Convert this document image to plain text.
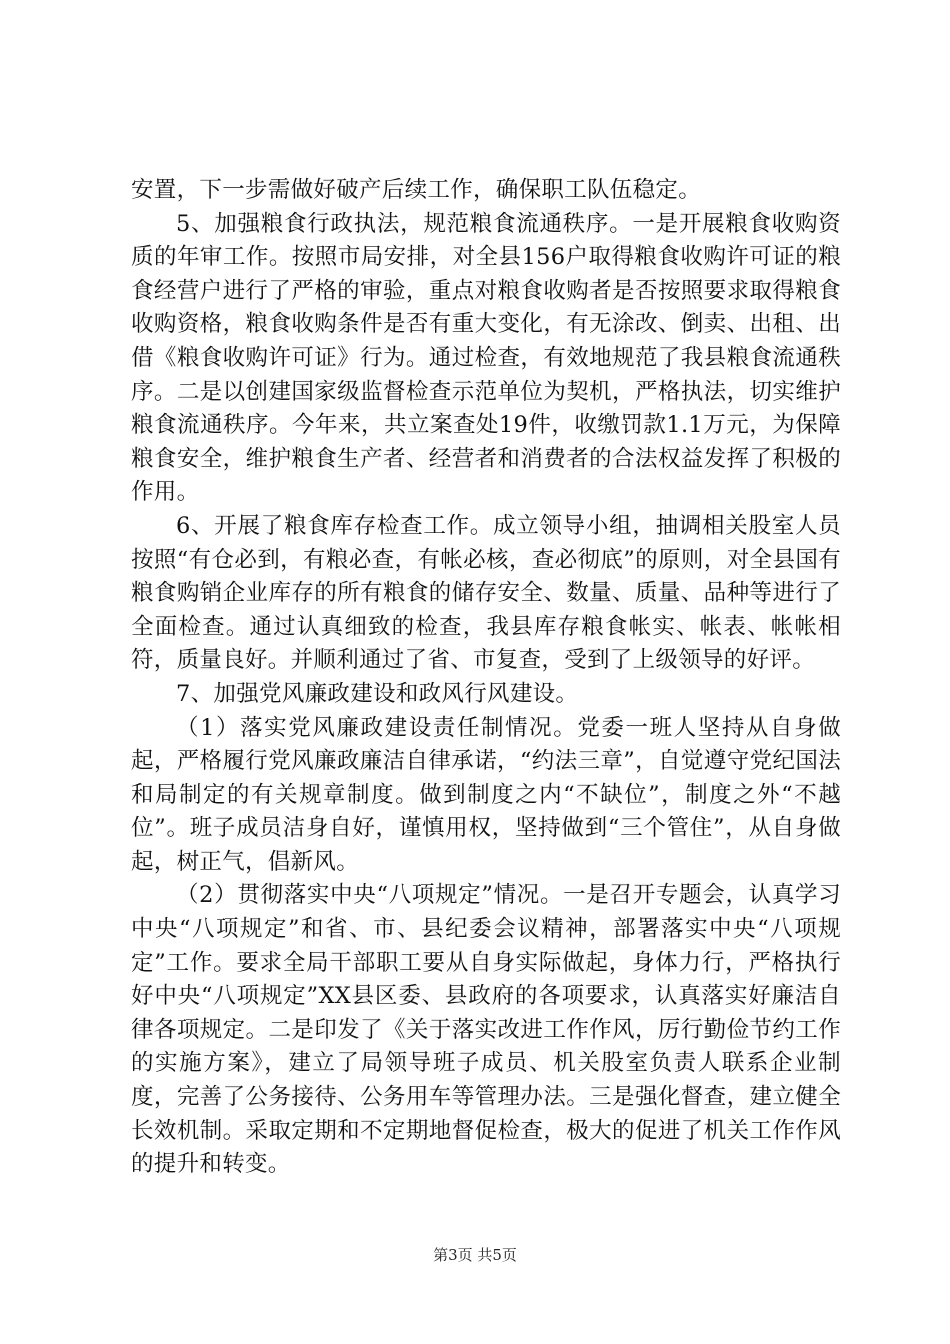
安置，下一步需做好破产后续工作，确保职工队伍稳定。

5、加强粮食行政执法，规范粮食流通秩序。一是开展粮食收购资质的年审工作。按照市局安排，对全县156户取得粮食收购许可证的粮食经营户进行了严格的审验，重点对粮食收购者是否按照要求取得粮食收购资格，粮食收购条件是否有重大变化，有无涂改、倒卖、出租、出借《粮食收购许可证》行为。通过检查，有效地规范了我县粮食流通秩序。二是以创建国家级监督检查示范单位为契机，严格执法，切实维护粮食流通秩序。今年来，共立案查处19件，收缴罚款1.1万元，为保障粮食安全，维护粮食生产者、经营者和消费者的合法权益发挥了积极的作用。

6、开展了粮食库存检查工作。成立领导小组，抽调相关股室人员按照“有仓必到，有粮必查，有帐必核，查必彻底”的原则，对全县国有粮食购销企业库存的所有粮食的储存安全、数量、质量、品种等进行了全面检查。通过认真细致的检查，我县库存粮食帐实、帐表、帐帐相符，质量良好。并顺利通过了省、市复查，受到了上级领导的好评。

7、加强党风廉政建设和政风行风建设。

（1）落实党风廉政建设责任制情况。党委一班人坚持从自身做起，严格履行党风廉政廉洁自律承诺，“约法三章”，自觉遵守党纪国法和局制定的有关规章制度。做到制度之内“不缺位”，制度之外“不越位”。班子成员洁身自好，谨慎用权，坚持做到“三个管住”，从自身做起，树正气，倡新风。

（2）贯彻落实中央“八项规定”情况。一是召开专题会，认真学习中央“八项规定”和省、市、县纪委会议精神，部署落实中央“八项规定”工作。要求全局干部职工要从自身实际做起，身体力行，严格执行好中央“八项规定”XX县区委、县政府的各项要求，认真落实好廉洁自律各项规定。二是印发了《关于落实改进工作作风，厉行勤俭节约工作的实施方案》，建立了局领导班子成员、机关股室负责人联系企业制度，完善了公务接待、公务用车等管理办法。三是强化督查，建立健全长效机制。采取定期和不定期地督促检查，极大的促进了机关工作作风的提升和转变。

第3页 共5页
